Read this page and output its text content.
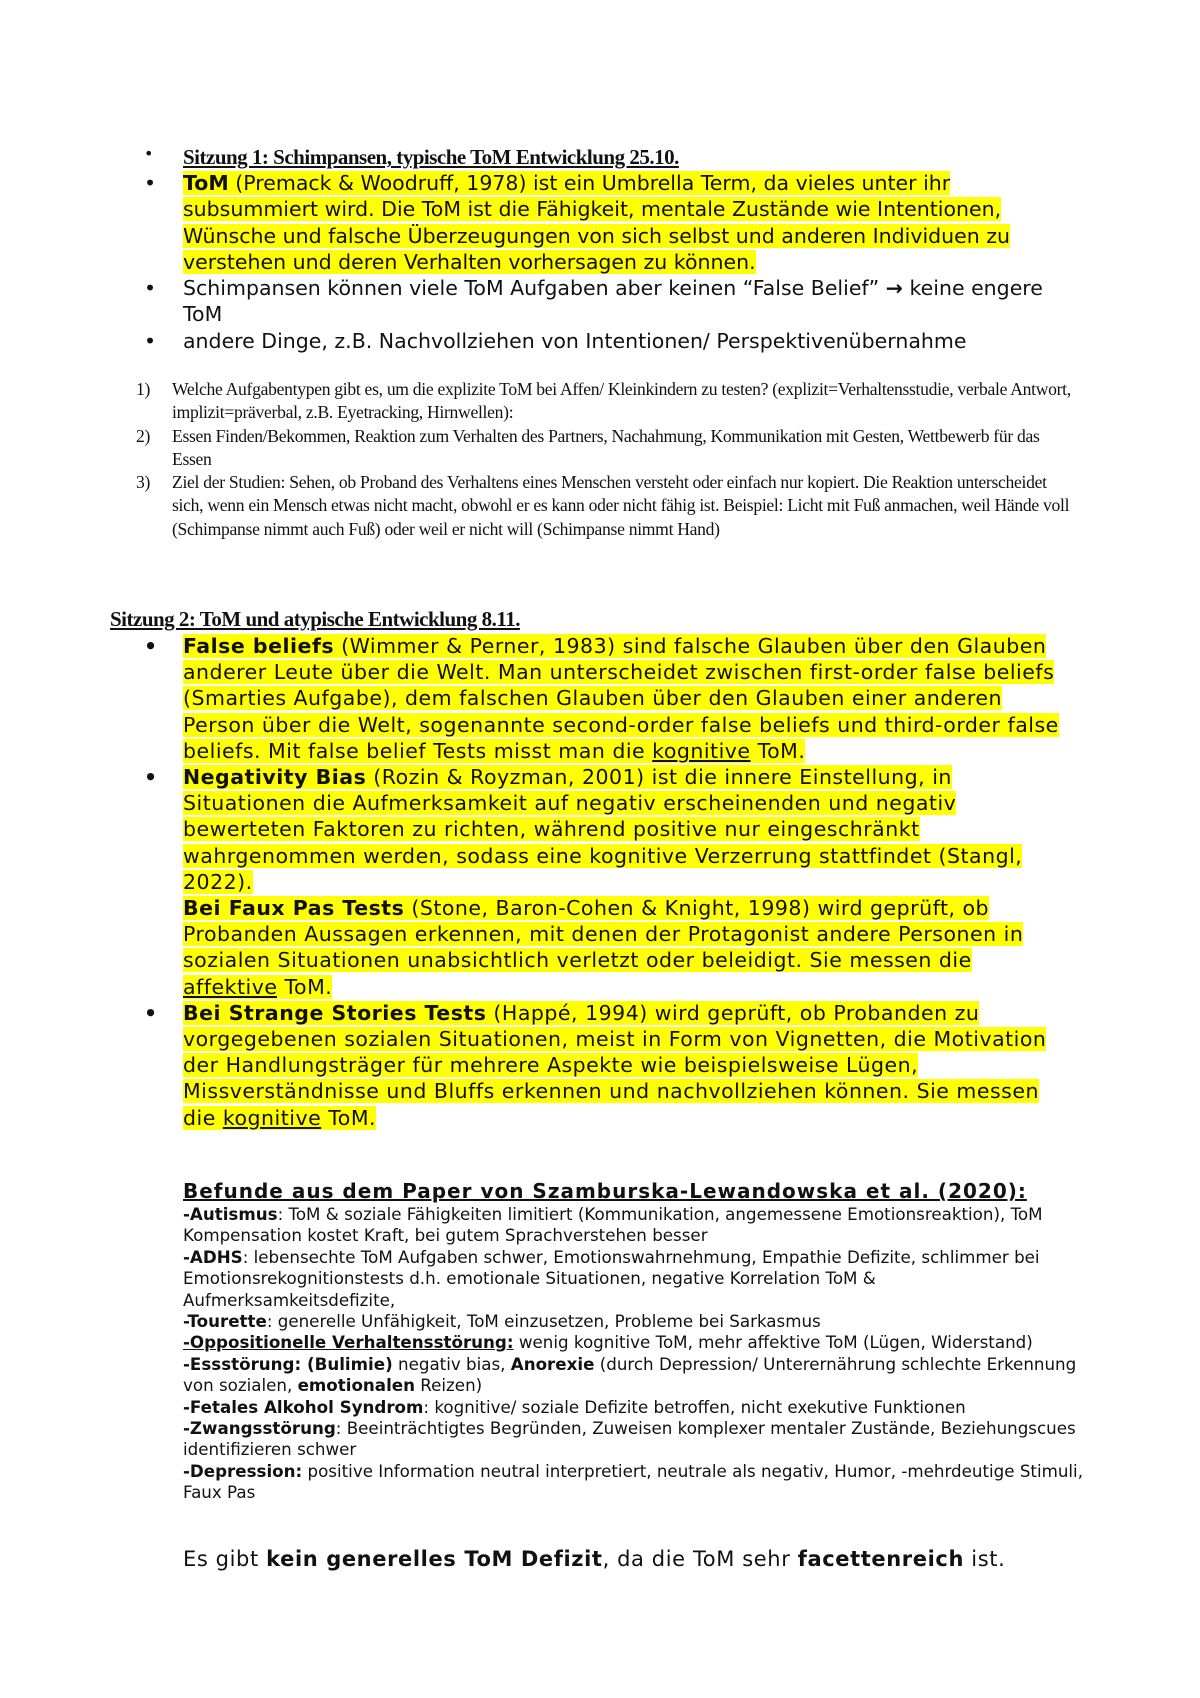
•	Sitzung 1: Schimpansen, typische ToM Entwicklung 25.10.
•	ToM (Premack & Woodruff, 1978) ist ein Umbrella Term, da vieles unter ihr subsummiert wird. Die ToM ist die Fähigkeit, mentale Zustände wie Intentionen, Wünsche und falsche Überzeugungen von sich selbst und anderen Individuen zu verstehen und deren Verhalten vorhersagen zu können.
•	Schimpansen können viele ToM Aufgaben aber keinen “False Belief” → keine engere ToM
•	andere Dinge, z.B. Nachvollziehen von Intentionen/ Perspektivenübernahme
1) Welche Aufgabentypen gibt es, um die explizite ToM bei Affen/ Kleinkindern zu testen? (explizit=Verhaltensstudie, verbale Antwort, implizit=präverbal, z.B. Eyetracking, Hirnwellen):
2) Essen Finden/Bekommen, Reaktion zum Verhalten des Partners, Nachahmung, Kommunikation mit Gesten, Wettbewerb für das Essen
3) Ziel der Studien: Sehen, ob Proband des Verhaltens eines Menschen versteht oder einfach nur kopiert. Die Reaktion unterscheidet sich, wenn ein Mensch etwas nicht macht, obwohl er es kann oder nicht fähig ist. Beispiel: Licht mit Fuß anmachen, weil Hände voll (Schimpanse nimmt auch Fuß) oder weil er nicht will (Schimpanse nimmt Hand)
Sitzung 2: ToM und atypische Entwicklung 8.11.
•	False beliefs (Wimmer & Perner, 1983) sind falsche Glauben über den Glauben anderer Leute über die Welt. Man unterscheidet zwischen first-order false beliefs (Smarties Aufgabe), dem falschen Glauben über den Glauben einer anderen Person über die Welt, sogenannte second-order false beliefs und third-order false beliefs. Mit false belief Tests misst man die kognitive ToM.
•	Negativity Bias (Rozin & Royzman, 2001) ist die innere Einstellung, in Situationen die Aufmerksamkeit auf negativ erscheinenden und negativ bewerteten Faktoren zu richten, während positive nur eingeschränkt wahrgenommen werden, sodass eine kognitive Verzerrung stattfindet (Stangl, 2022).
Bei Faux Pas Tests (Stone, Baron-Cohen & Knight, 1998) wird geprüft, ob Probanden Aussagen erkennen, mit denen der Protagonist andere Personen in sozialen Situationen unabsichtlich verletzt oder beleidigt. Sie messen die affektive ToM.
•	Bei Strange Stories Tests (Happé, 1994) wird geprüft, ob Probanden zu vorgegebenen sozialen Situationen, meist in Form von Vignetten, die Motivation der Handlungsträger für mehrere Aspekte wie beispielsweise Lügen, Missverständnisse und Bluffs erkennen und nachvollziehen können. Sie messen die kognitive ToM.
Befunde aus dem Paper von Szamburska-Lewandowska et al. (2020):
-Autismus: ToM & soziale Fähigkeiten limitiert (Kommunikation, angemessene Emotionsreaktion), ToM Kompensation kostet Kraft, bei gutem Sprachverstehen besser
-ADHS: lebensechte ToM Aufgaben schwer, Emotionswahrnehmung, Empathie Defizite, schlimmer bei Emotionsrekognitionstests d.h. emotionale Situationen, negative Korrelation ToM & Aufmerksamkeitsdefizite,
-Tourette: generelle Unfähigkeit, ToM einzusetzen, Probleme bei Sarkasmus
-Oppositionelle Verhaltensstörung: wenig kognitive ToM, mehr affektive ToM (Lügen, Widerstand)
-Essstörung: (Bulimie) negativ bias, Anorexie (durch Depression/ Unterernährung schlechte Erkennung von sozialen, emotionalen Reizen)
-Fetales Alkohol Syndrom: kognitive/ soziale Defizite betroffen, nicht exekutive Funktionen
-Zwangsstörung: Beeinträchtigtes Begründen, Zuweisen komplexer mentaler Zustände, Beziehungscues identifizieren schwer
-Depression: positive Information neutral interpretiert, neutrale als negativ, Humor, -mehrdeutige Stimuli, Faux Pas
Es gibt kein generelles ToM Defizit, da die ToM sehr facettenreich ist.
